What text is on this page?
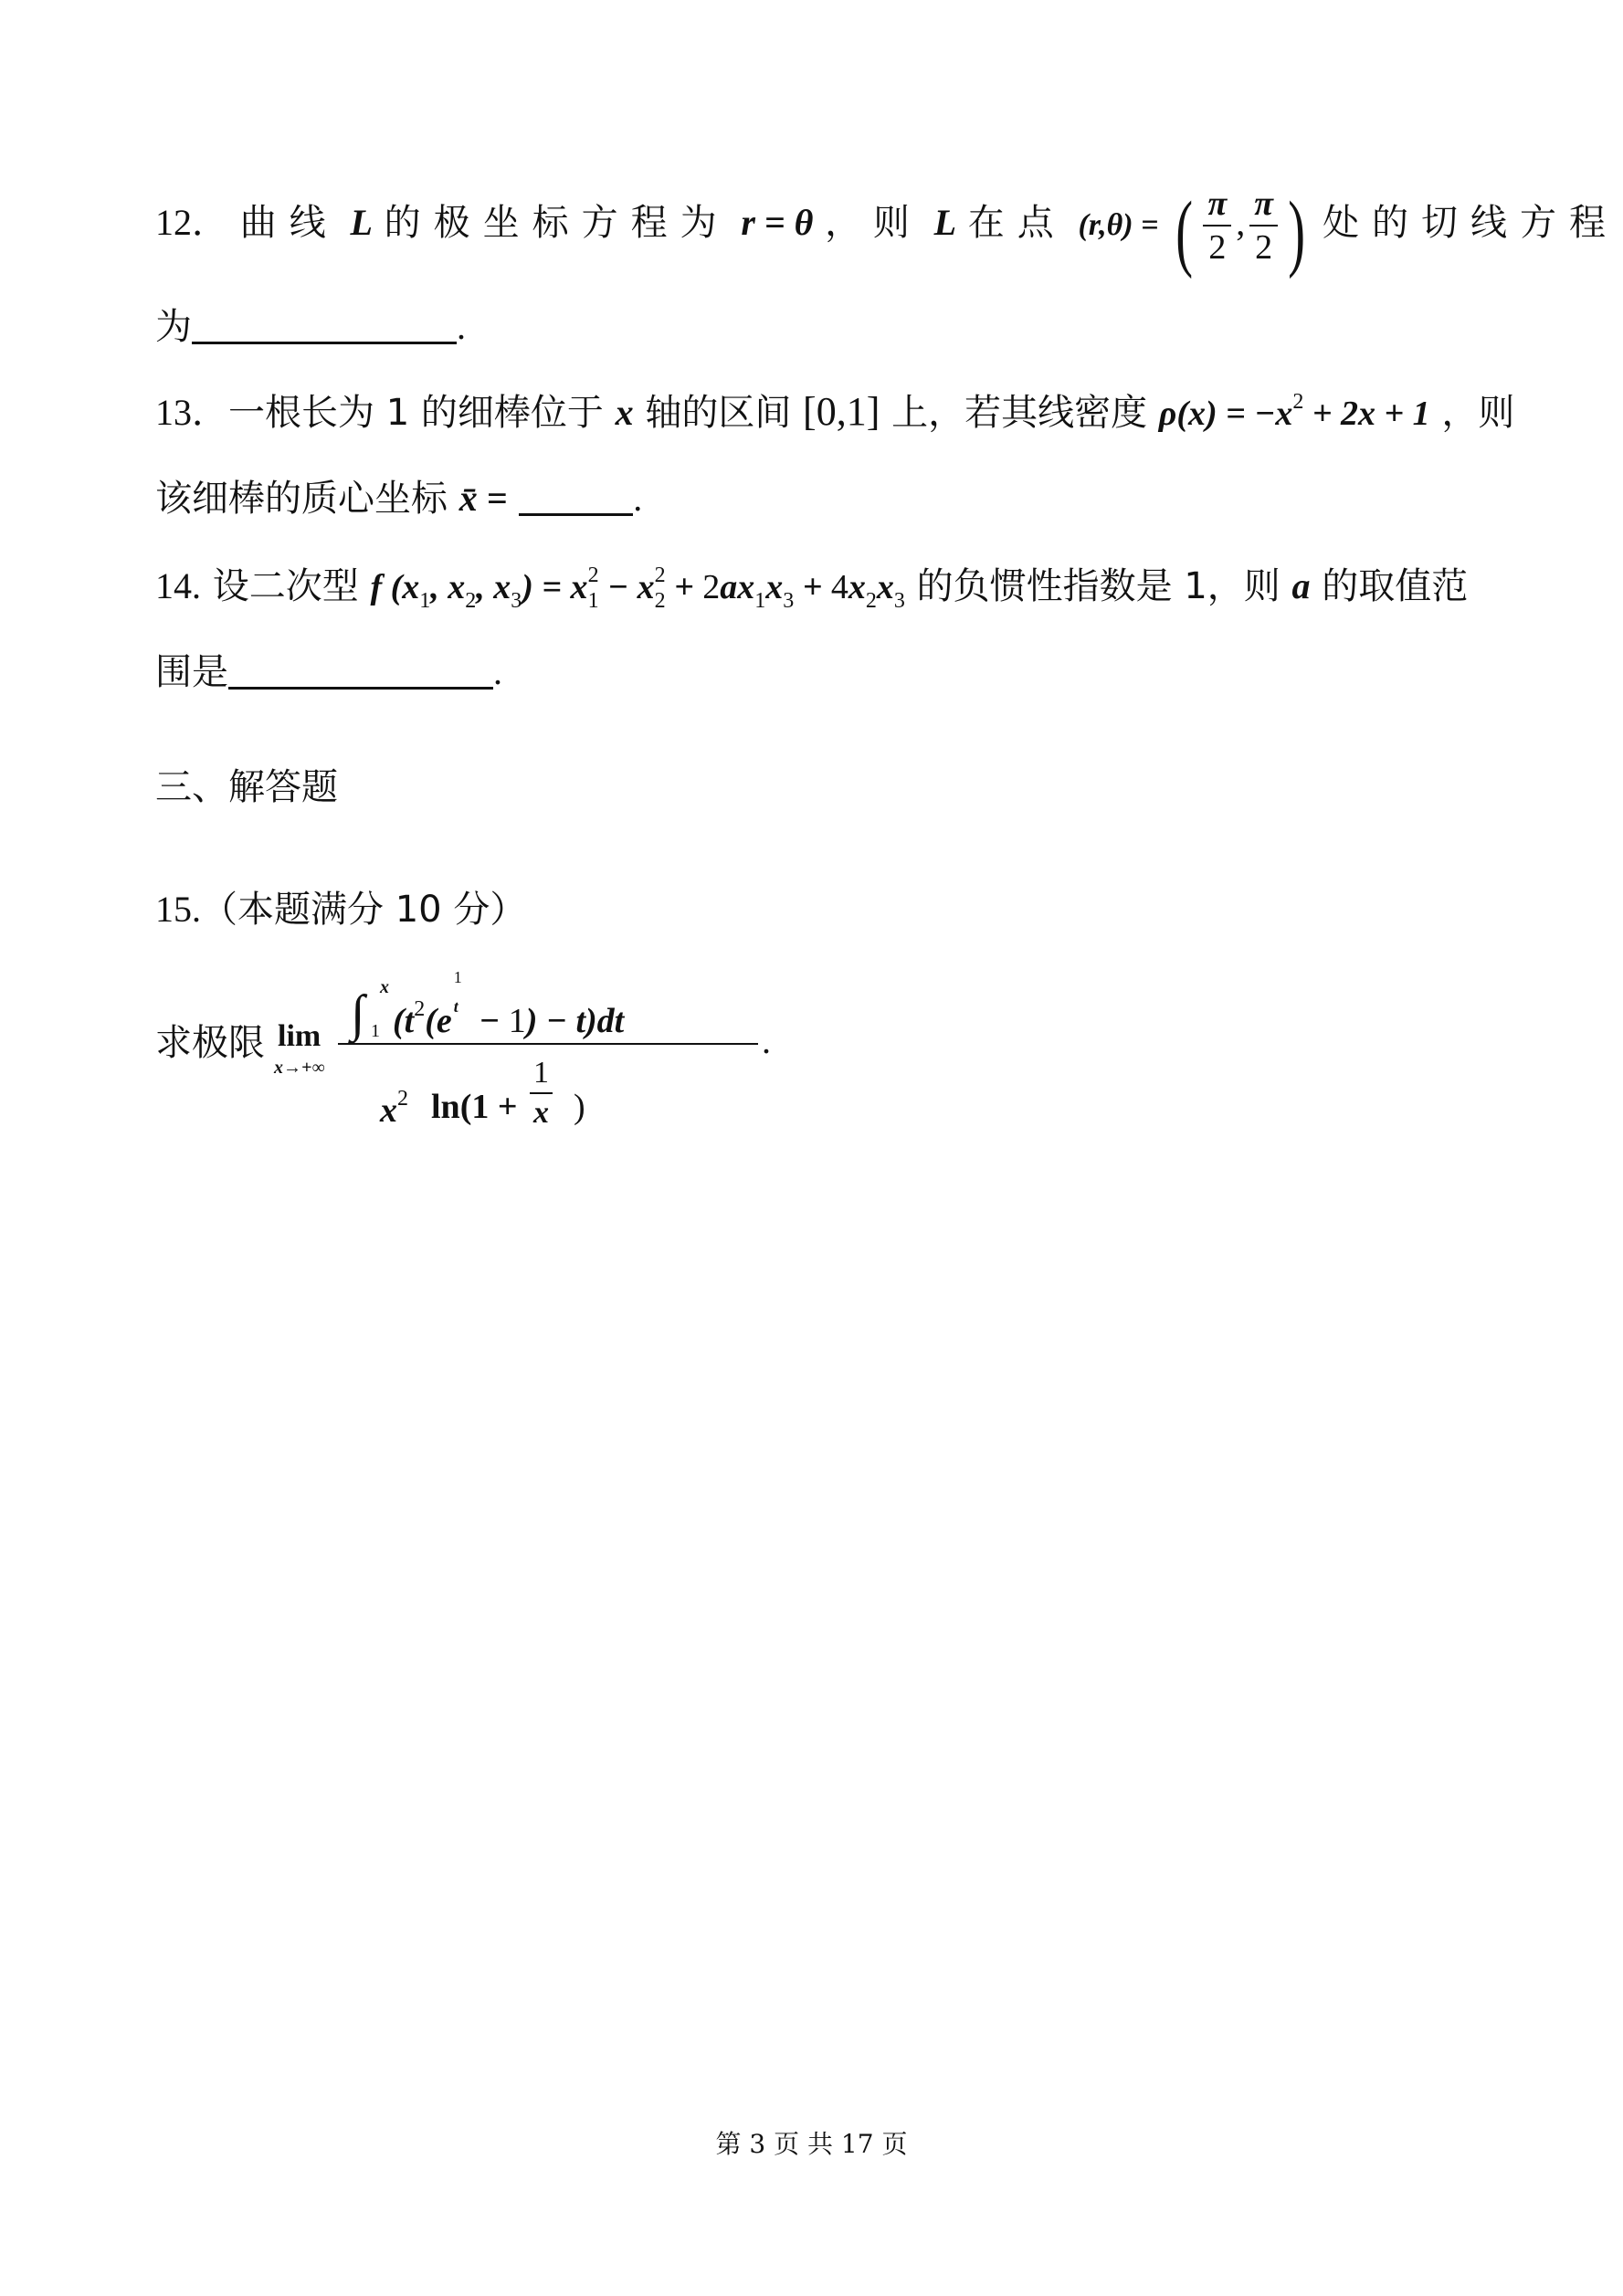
12． 曲线 L 的极坐标方程为 r = θ ， 则 L 在点 (r,θ) = ( $\frac{\pi}{2}$ , $\frac{\pi}{2}$ ) 处的切线方程
为	.
13．一根长为 1 的细棒位于 x 轴的区间 [0,1] 上，若其线密度 $\rho(x) = -x^2 + 2x + 1$ ，则
该细棒的质心坐标 x̄ =	.
14. 设二次型 f ($x_1$, $x_2$, $x_3) = x^2_1 - x^2_2 + 2ax_1x_3 + 4x_2x_3$ 的负惯性指数是 1，则 a 的取值范
围是	.
三、解答题
15.（本题满分 10 分）
求极限 lim
x→+∞
∫ x
1 ($t^2(e$
1
t − 1) − t)dt
$x^2$ $\ln(1 + \frac{1}{x}$ )
.
第 3 页 共 17 页
